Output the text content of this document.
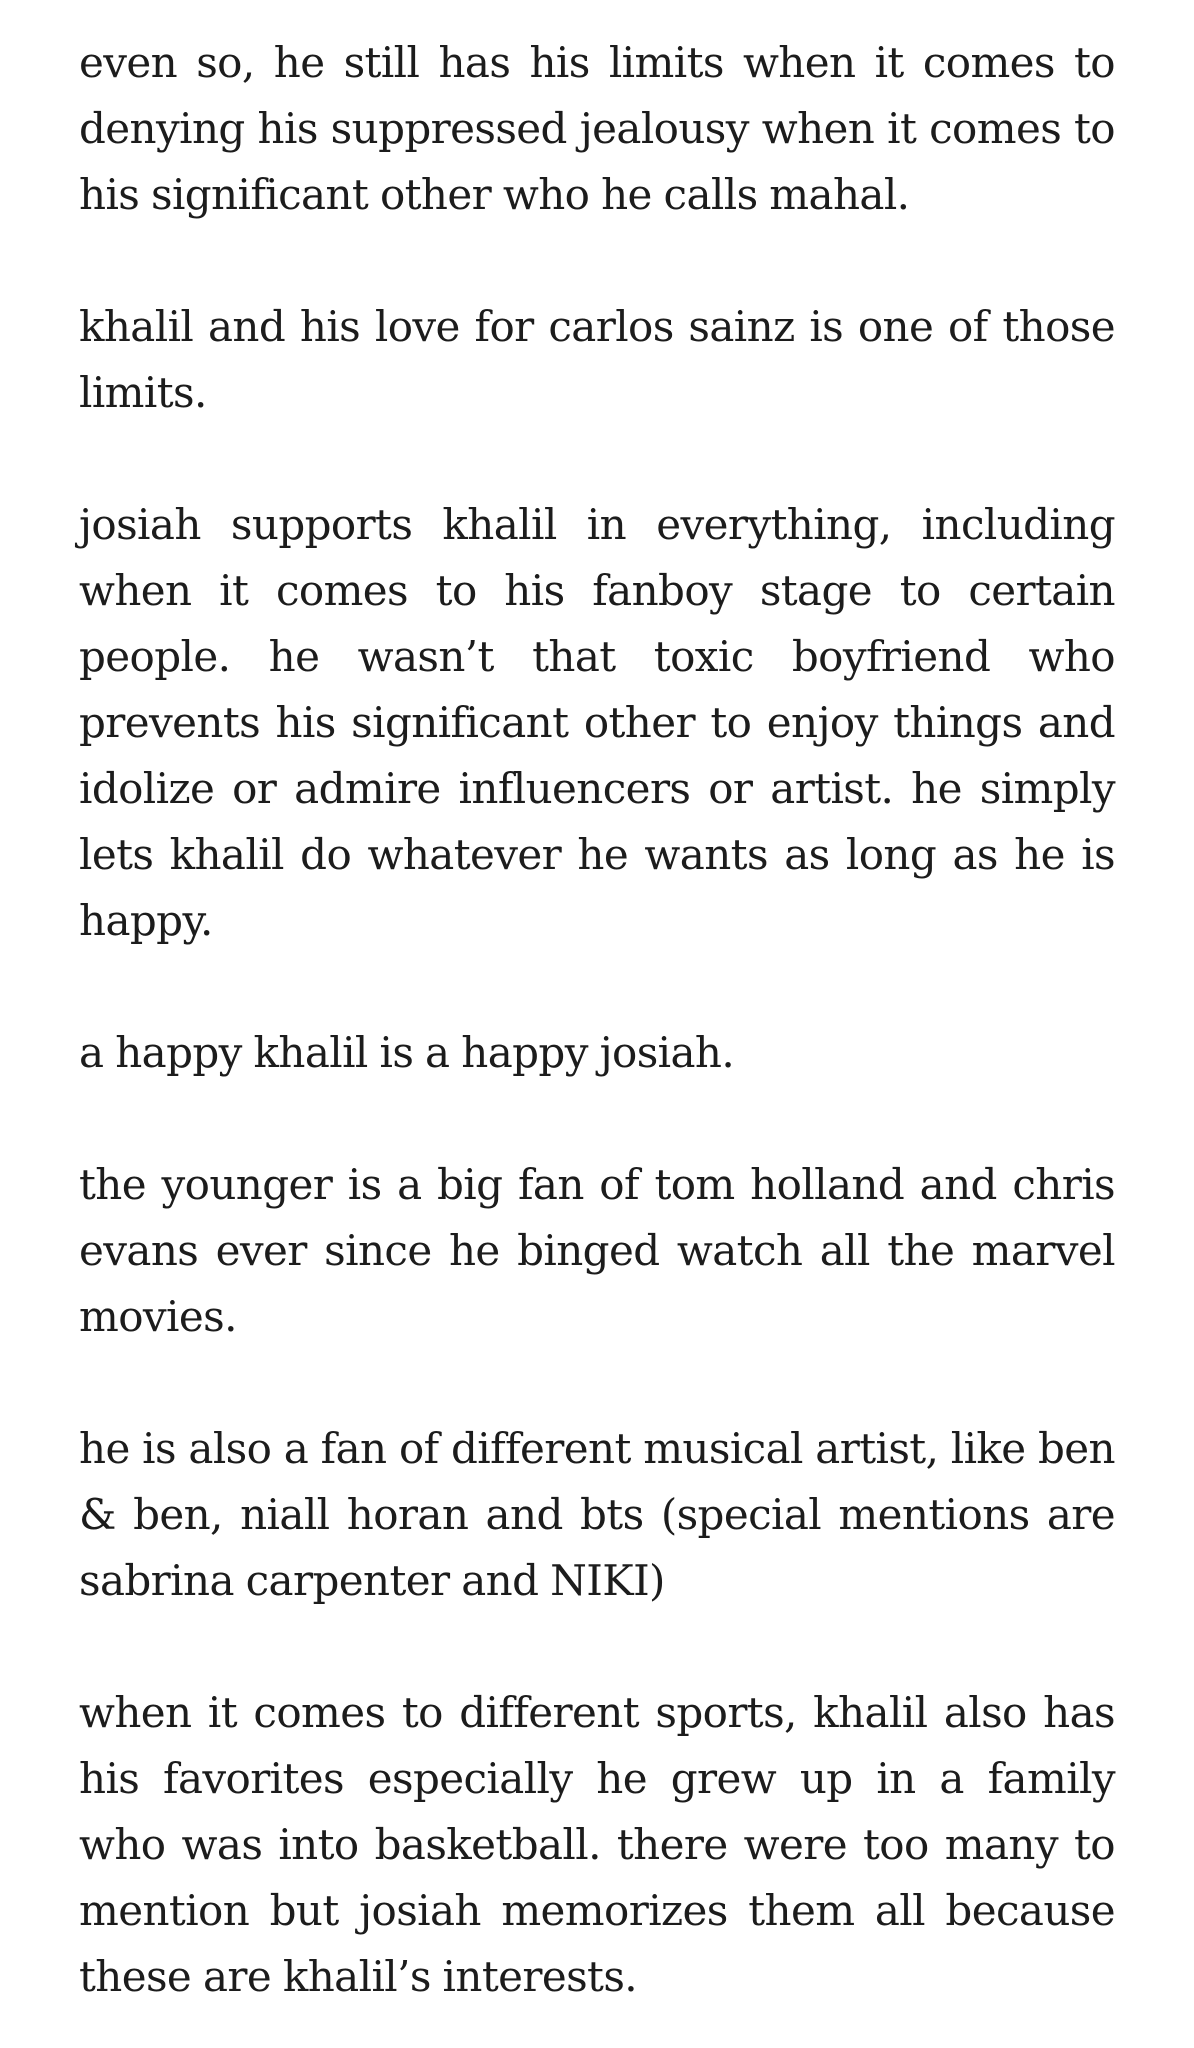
even so, he still has his limits when it comes to denying his suppressed jealousy when it comes to his significant other who he calls mahal.

khalil and his love for carlos sainz is one of those limits.

josiah supports khalil in everything, including when it comes to his fanboy stage to certain people. he wasn’t that toxic boyfriend who prevents his significant other to enjoy things and idolize or admire influencers or artist. he simply lets khalil do whatever he wants as long as he is happy.

a happy khalil is a happy josiah.

the younger is a big fan of tom holland and chris evans ever since he binged watch all the marvel movies.

he is also a fan of different musical artist, like ben & ben, niall horan and bts (special mentions are sabrina carpenter and NIKI)

when it comes to different sports, khalil also has his favorites especially he grew up in a family who was into basketball. there were too many to mention but josiah memorizes them all because these are khalil’s interests.
